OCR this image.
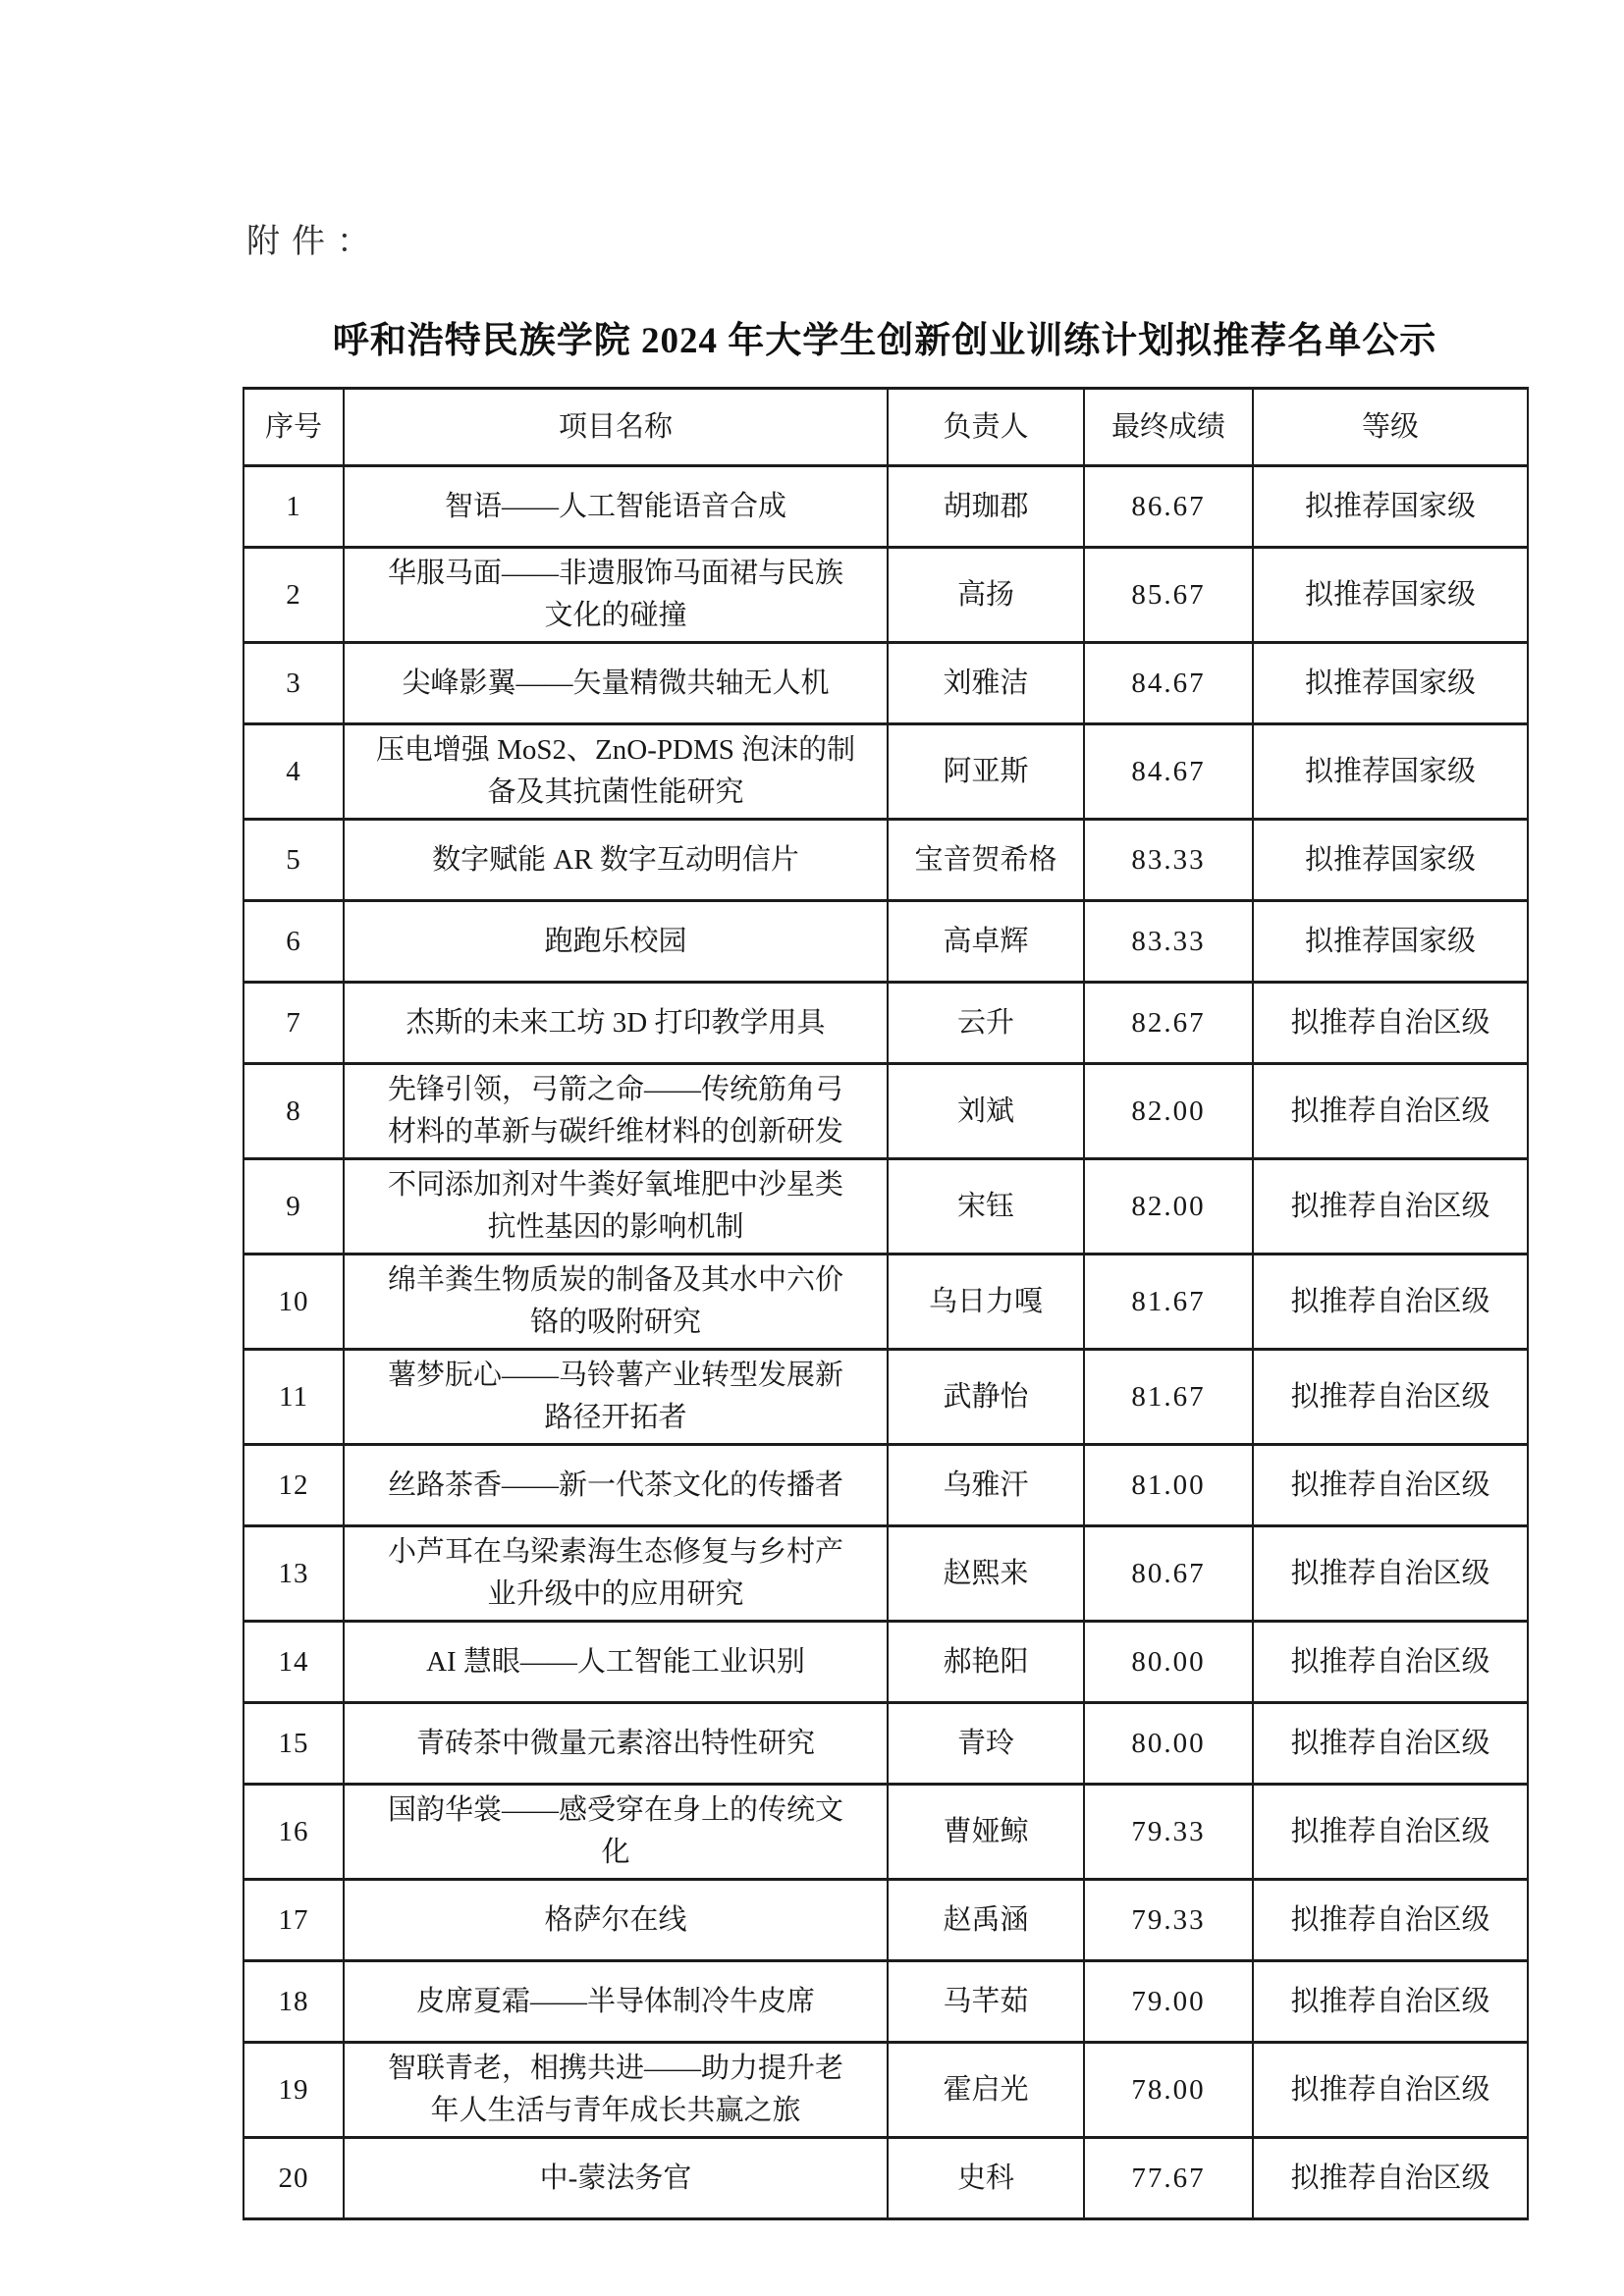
附件：
呼和浩特民族学院 2024 年大学生创新创业训练计划拟推荐名单公示
序号	项目名称	负责人	最终成绩	等级
1	智语——人工智能语音合成	胡珈郡	86.67	拟推荐国家级
2	华服马面——非遗服饰马面裙与民族文化的碰撞	高扬	85.67	拟推荐国家级
3	尖峰影翼——矢量精微共轴无人机	刘雅洁	84.67	拟推荐国家级
4	压电增强 MoS2、ZnO-PDMS 泡沫的制备及其抗菌性能研究	阿亚斯	84.67	拟推荐国家级
5	数字赋能 AR 数字互动明信片	宝音贺希格	83.33	拟推荐国家级
6	跑跑乐校园	高卓辉	83.33	拟推荐国家级
7	杰斯的未来工坊 3D 打印教学用具	云升	82.67	拟推荐自治区级
8	先锋引领，弓箭之命——传统筋角弓材料的革新与碳纤维材料的创新研发	刘斌	82.00	拟推荐自治区级
9	不同添加剂对牛粪好氧堆肥中沙星类抗性基因的影响机制	宋钰	82.00	拟推荐自治区级
10	绵羊粪生物质炭的制备及其水中六价铬的吸附研究	乌日力嘎	81.67	拟推荐自治区级
11	薯梦朊心——马铃薯产业转型发展新路径开拓者	武静怡	81.67	拟推荐自治区级
12	丝路茶香——新一代茶文化的传播者	乌雅汗	81.00	拟推荐自治区级
13	小芦耳在乌梁素海生态修复与乡村产业升级中的应用研究	赵熙来	80.67	拟推荐自治区级
14	AI 慧眼——人工智能工业识别	郝艳阳	80.00	拟推荐自治区级
15	青砖茶中微量元素溶出特性研究	青玲	80.00	拟推荐自治区级
16	国韵华裳——感受穿在身上的传统文化	曹娅鲸	79.33	拟推荐自治区级
17	格萨尔在线	赵禹涵	79.33	拟推荐自治区级
18	皮席夏霜——半导体制冷牛皮席	马芊茹	79.00	拟推荐自治区级
19	智联青老，相携共进——助力提升老年人生活与青年成长共赢之旅	霍启光	78.00	拟推荐自治区级
20	中-蒙法务官	史科	77.67	拟推荐自治区级
